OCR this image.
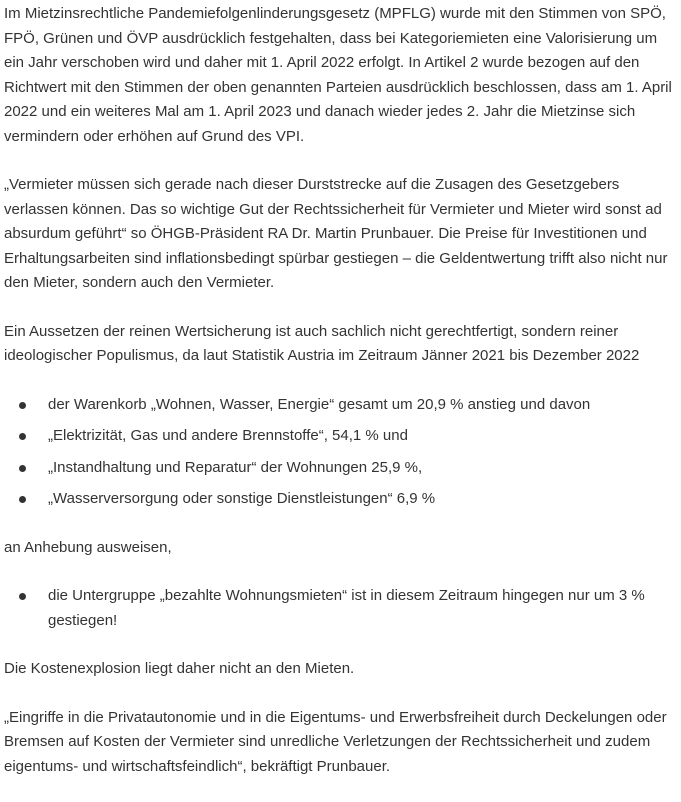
Im Mietzinsrechtliche Pandemiefolgenlinderungsgesetz (MPFLG) wurde mit den Stimmen von SPÖ, FPÖ, Grünen und ÖVP ausdrücklich festgehalten, dass bei Kategoriemieten eine Valorisierung um ein Jahr verschoben wird und daher mit 1. April 2022 erfolgt. In Artikel 2 wurde bezogen auf den Richtwert mit den Stimmen der oben genannten Parteien ausdrücklich beschlossen, dass am 1. April 2022 und ein weiteres Mal am 1. April 2023 und danach wieder jedes 2. Jahr die Mietzinse sich vermindern oder erhöhen auf Grund des VPI.

„Vermieter müssen sich gerade nach dieser Durststrecke auf die Zusagen des Gesetzgebers verlassen können. Das so wichtige Gut der Rechtssicherheit für Vermieter und Mieter wird sonst ad absurdum geführt“ so ÖHGB-Präsident RA Dr. Martin Prunbauer. Die Preise für Investitionen und Erhaltungsarbeiten sind inflationsbedingt spürbar gestiegen – die Geldentwertung trifft also nicht nur den Mieter, sondern auch den Vermieter.

Ein Aussetzen der reinen Wertsicherung ist auch sachlich nicht gerechtfertigt, sondern reiner ideologischer Populismus, da laut Statistik Austria im Zeitraum Jänner 2021 bis Dezember 2022

der Warenkorb „Wohnen, Wasser, Energie“ gesamt um 20,9 % anstieg und davon
„Elektrizität, Gas und andere Brennstoffe“, 54,1 % und
„Instandhaltung und Reparatur“ der Wohnungen 25,9 %,
„Wasserversorgung oder sonstige Dienstleistungen“ 6,9 %

an Anhebung ausweisen,

die Untergruppe „bezahlte Wohnungsmieten“ ist in diesem Zeitraum hingegen nur um 3 % gestiegen!

Die Kostenexplosion liegt daher nicht an den Mieten.

„Eingriffe in die Privatautonomie und in die Eigentums- und Erwerbsfreiheit durch Deckelungen oder Bremsen auf Kosten der Vermieter sind unredliche Verletzungen der Rechtssicherheit und zudem eigentums- und wirtschaftsfeindlich“, bekräftigt Prunbauer.
